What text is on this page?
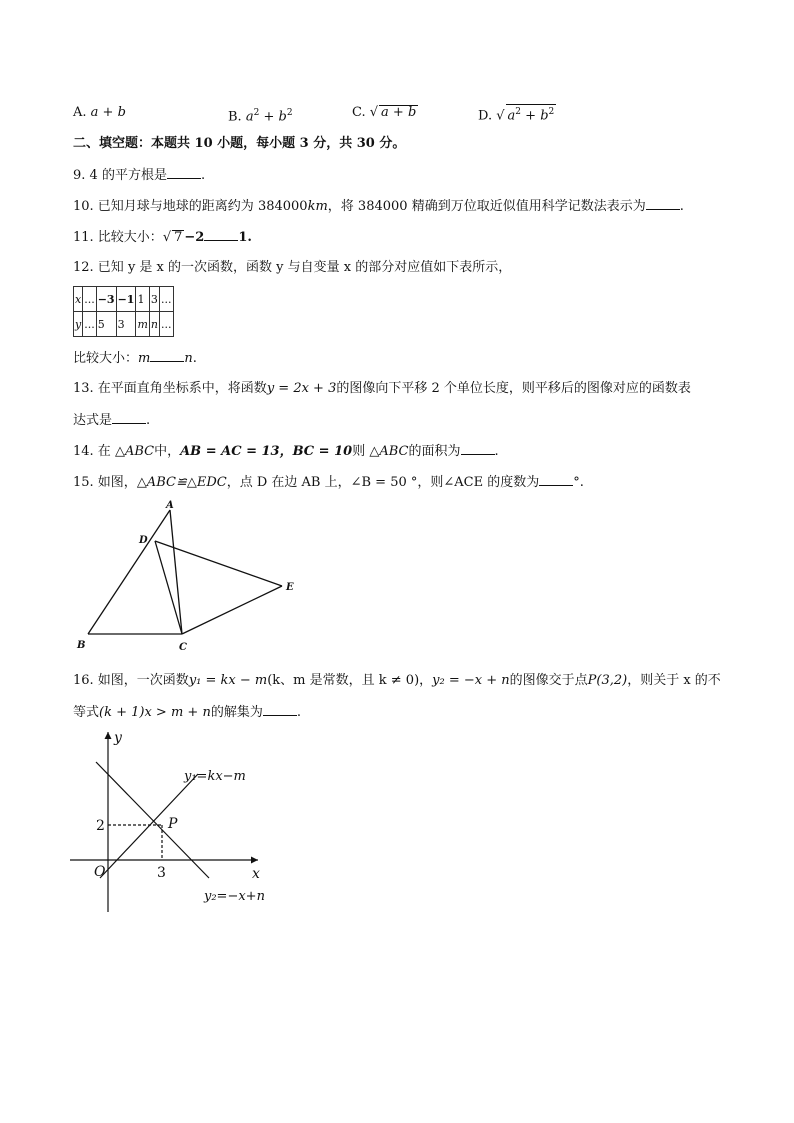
A. a + b	B. $a^2 + b^2$	C. √ a + b	D. √ $a^2 + b^2$
二、填空题：本题共 10 小题，每小题 3 分，共 30 分。
9. 4 的平方根是	.
10. 已知月球与地球的距离约为 384000km，将 384000 精确到万位取近似值用科学记数法表示为	.
11. 比较大小：√ 7 −2	1.
12. 已知 y 是 x 的一次函数，函数 y 与自变量 x 的部分对应值如下表所示，
x	...	−3	−1	1	3	...
y	...	5	3	m	n	...
比较大小：m	n.
13. 在平面直角坐标系中，将函数y = 2x + 3的图像向下平移 2 个单位长度，则平移后的图像对应的函数表
达式是	.
14. 在 △ABC中，AB = AC = 13，BC = 10则 △ABC的面积为	.
15. 如图，△ABC≌△EDC，点 D 在边 AB 上，∠B = 50 °，则∠ACE 的度数为	°.
A
B	C
D
E
16. 如图，一次函数y₁ = kx − m(k、m 是常数，且 k ≠ 0)，y₂ = −x + n的图像交于点P(3,2)，则关于 x 的不
等式(k + 1)x > m + n的解集为	.
y
x
O
P
2
3
y₁=kx−m
y₂=−x+n
